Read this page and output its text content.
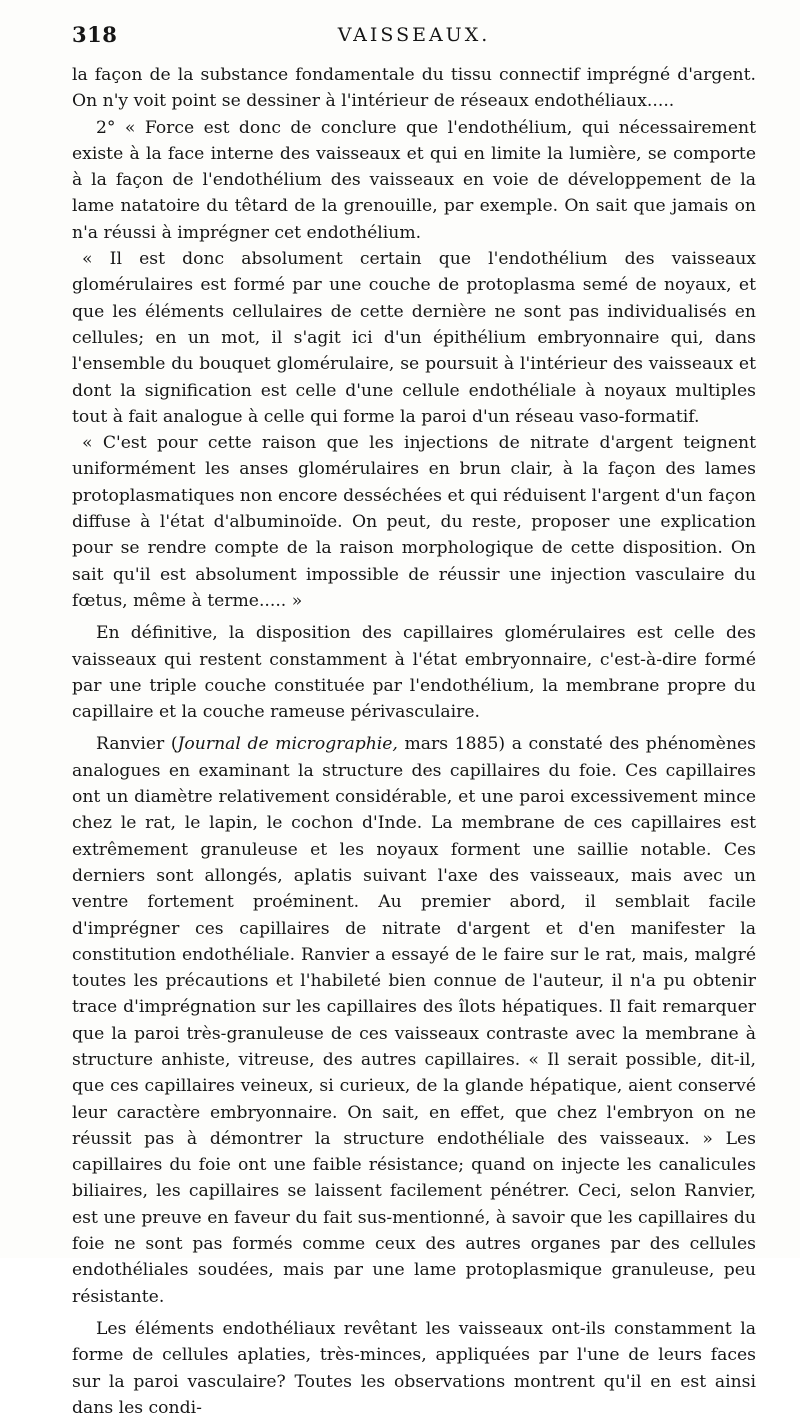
318	VAISSEAUX.

la façon de la substance fondamentale du tissu connectif imprégné d'argent. On n'y voit point se dessiner à l'intérieur de réseaux endothéliaux.....

2° « Force est donc de conclure que l'endothélium, qui nécessairement existe à la face interne des vaisseaux et qui en limite la lumière, se comporte à la façon de l'endothélium des vaisseaux en voie de développement de la lame natatoire du têtard de la grenouille, par exemple. On sait que jamais on n'a réussi à imprégner cet endothélium.

« Il est donc absolument certain que l'endothélium des vaisseaux glomérulaires est formé par une couche de protoplasma semé de noyaux, et que les éléments cellulaires de cette dernière ne sont pas individualisés en cellules; en un mot, il s'agit ici d'un épithélium embryonnaire qui, dans l'ensemble du bouquet glomérulaire, se poursuit à l'intérieur des vaisseaux et dont la signification est celle d'une cellule endothéliale à noyaux multiples tout à fait analogue à celle qui forme la paroi d'un réseau vaso-formatif.

« C'est pour cette raison que les injections de nitrate d'argent teignent uniformément les anses glomérulaires en brun clair, à la façon des lames protoplasmatiques non encore desséchées et qui réduisent l'argent d'un façon diffuse à l'état d'albuminoïde. On peut, du reste, proposer une explication pour se rendre compte de la raison morphologique de cette disposition. On sait qu'il est absolument impossible de réussir une injection vasculaire du fœtus, même à terme..... »

En définitive, la disposition des capillaires glomérulaires est celle des vaisseaux qui restent constamment à l'état embryonnaire, c'est-à-dire formé par une triple couche constituée par l'endothélium, la membrane propre du capillaire et la couche rameuse périvasculaire.

Ranvier (Journal de micrographie, mars 1885) a constaté des phénomènes analogues en examinant la structure des capillaires du foie. Ces capillaires ont un diamètre relativement considérable, et une paroi excessivement mince chez le rat, le lapin, le cochon d'Inde. La membrane de ces capillaires est extrêmement granuleuse et les noyaux forment une saillie notable. Ces derniers sont allongés, aplatis suivant l'axe des vaisseaux, mais avec un ventre fortement proéminent. Au premier abord, il semblait facile d'imprégner ces capillaires de nitrate d'argent et d'en manifester la constitution endothéliale. Ranvier a essayé de le faire sur le rat, mais, malgré toutes les précautions et l'habileté bien connue de l'auteur, il n'a pu obtenir trace d'imprégnation sur les capillaires des îlots hépatiques. Il fait remarquer que la paroi très-granuleuse de ces vaisseaux contraste avec la membrane à structure anhiste, vitreuse, des autres capillaires. « Il serait possible, dit-il, que ces capillaires veineux, si curieux, de la glande hépatique, aient conservé leur caractère embryonnaire. On sait, en effet, que chez l'embryon on ne réussit pas à démontrer la structure endothéliale des vaisseaux. » Les capillaires du foie ont une faible résistance; quand on injecte les canalicules biliaires, les capillaires se laissent facilement pénétrer. Ceci, selon Ranvier, est une preuve en faveur du fait sus-mentionné, à savoir que les capillaires du foie ne sont pas formés comme ceux des autres organes par des cellules endothéliales soudées, mais par une lame protoplasmique granuleuse, peu résistante.

Les éléments endothéliaux revêtant les vaisseaux ont-ils constamment la forme de cellules aplaties, très-minces, appliquées par l'une de leurs faces sur la paroi vasculaire? Toutes les observations montrent qu'il en est ainsi dans les condi-
